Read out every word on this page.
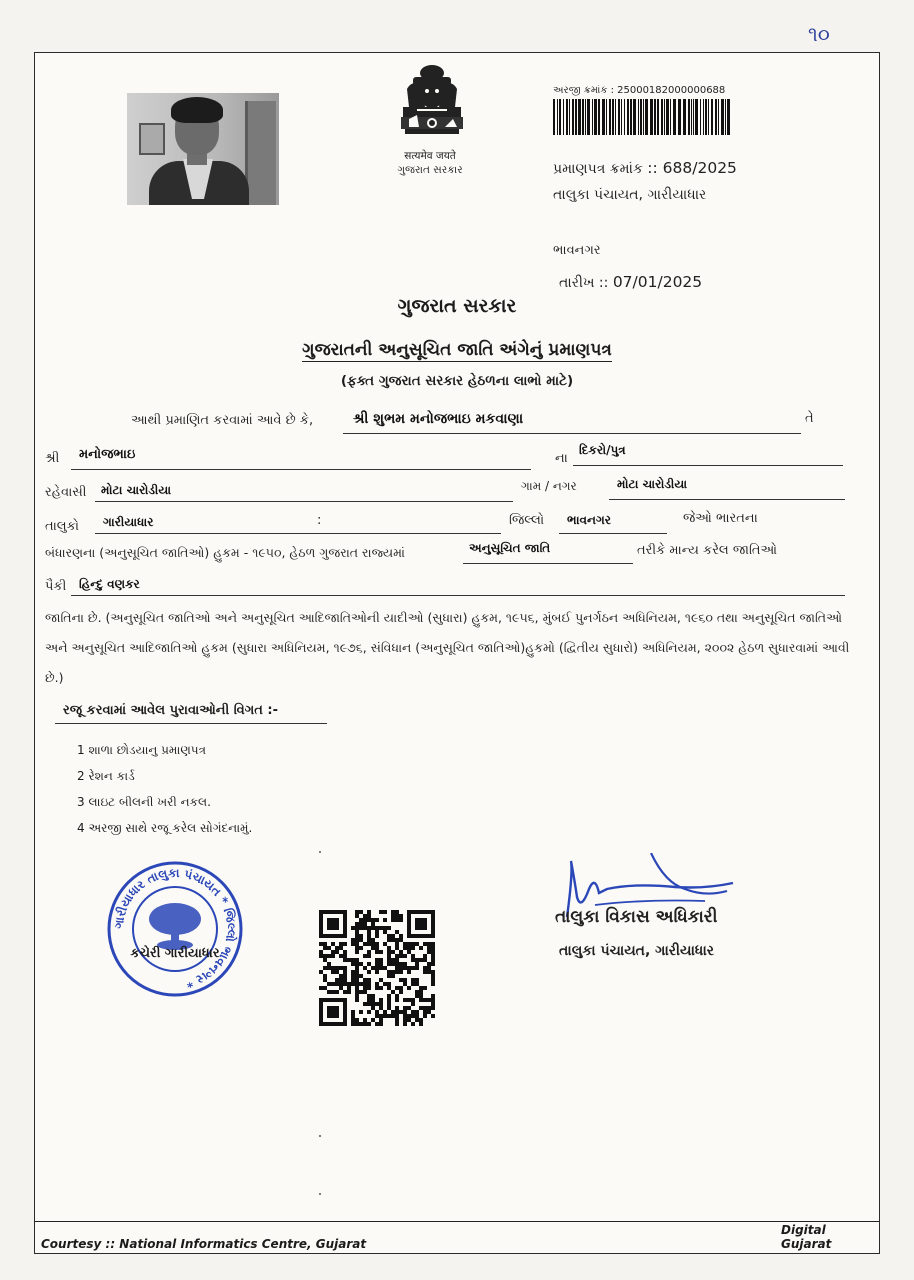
૧૦
सत्यमेव जयते
ગુજરાત સરકાર
અરજી ક્રમાંક : 25000182000000688
પ્રમાણપત્ર ક્રમાંક :: 688/2025
તાલુકા પંચાયત, ગારીયાધાર
ભાવનગર
તારીખ :: 07/01/2025
ગુજરાત સરકાર
ગુજરાતની અનુસૂચિત જાતિ અંગેનું પ્રમાણપત્ર
(ફક્ત ગુજરાત સરકાર હેઠળના લાભો માટે)
આથી પ્રમાણિત કરવામાં આવે છે કે,	શ્રી શુભમ મનોજભાઇ મકવાણા	તે
શ્રી મનોજભાઇ	ના
દિકરો/પુત્ર
રહેવાસી મોટા ચારોડીયા	ગામ / નગર	મોટા ચારોડીયા
તાલુકો ગારીયાધાર	:	જિલ્લો ભાવનગર	જેઓ ભારતના
બંધારણના (અનુસૂચિત જાતિઓ) હુકમ - ૧૯૫૦, હેઠળ ગુજરાત રાજ્યમાં	અનુસૂચિત જાતિ	તરીકે માન્ય કરેલ જાતિઓ
પૈકી હિન્દુ વણકર
જાતિના છે. (અનુસૂચિત જાતિઓ અને અનુસૂચિત આદિજાતિઓની યાદીઓ (સુધારા) હુકમ, ૧૯૫૬, મુંબઈ પુનર્ગઠન અધિનિયમ, ૧૯૬૦ તથા અનુસૂચિત જાતિઓ અને અનુસૂચિત આદિજાતિઓ હુકમ (સુધારા અધિનિયમ, ૧૯૭૬, સંવિધાન (અનુસૂચિત જાતિઓ)હુકમો (દ્વિતીય સુધારો) અધિનિયમ, ૨૦૦૨ હેઠળ સુધારવામાં આવી છે.)
રજૂ કરવામાં આવેલ પુરાવાઓની વિગત :-
1 શાળા છોડયાનુ પ્રમાણપત્ર
2 રેશન કાર્ડ
3 લાઇટ બીલની ખરી નકલ.
4 અરજી સાથે રજૂ કરેલ સોગંદનામું.
ગારીયાધાર તાલુકા પંચાયત * જિલ્લો ભાવનગર *
કચેરી ગારીયાધાર
તાલુકા વિકાસ અધિકારી
તાલુકા પંચાયત, ગારીયાધાર
Courtesy :: National Informatics Centre, Gujarat
Digital Gujarat
